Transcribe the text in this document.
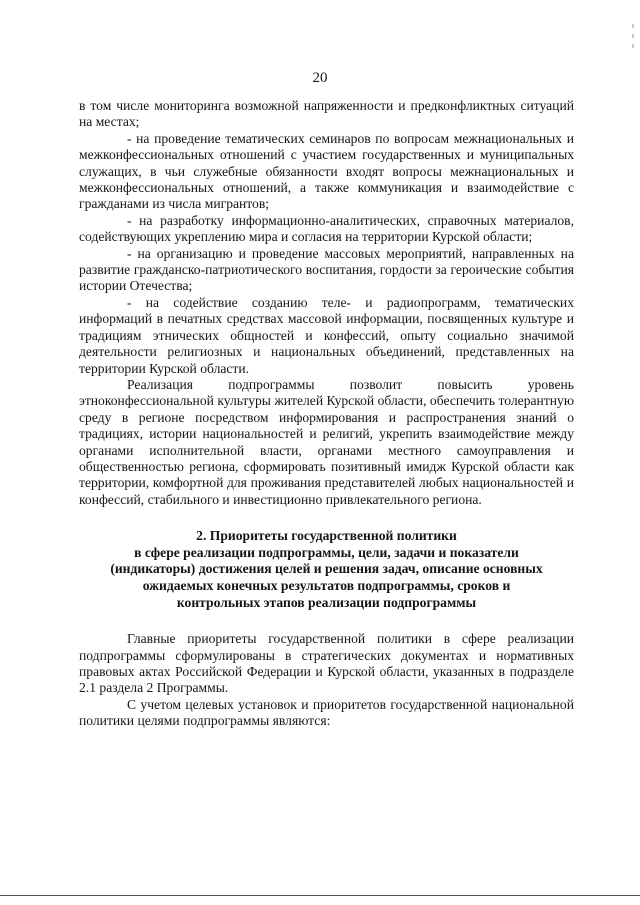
20

в том числе мониторинга возможной напряженности и предконфликтных ситуаций на местах;

- на проведение тематических семинаров по вопросам межнациональных и межконфессиональных отношений с участием государственных и муниципальных служащих, в чьи служебные обязанности входят вопросы межнациональных и межконфессиональных отношений, а также коммуникация и взаимодействие с гражданами из числа мигрантов;

- на разработку информационно-аналитических, справочных материалов, содействующих укреплению мира и согласия на территории Курской области;

- на организацию и проведение массовых мероприятий, направленных на развитие гражданско-патриотического воспитания, гордости за героические события истории Отечества;

- на содействие созданию теле- и радиопрограмм, тематических информаций в печатных средствах массовой информации, посвященных культуре и традициям этнических общностей и конфессий, опыту социально значимой деятельности религиозных и национальных объединений, представленных на территории Курской области.

Реализация подпрограммы позволит повысить уровень этноконфессиональной культуры жителей Курской области, обеспечить толерантную среду в регионе посредством информирования и распространения знаний о традициях, истории национальностей и религий, укрепить взаимодействие между органами исполнительной власти, органами местного самоуправления и общественностью региона, сформировать позитивный имидж Курской области как территории, комфортной для проживания представителей любых национальностей и конфессий, стабильного и инвестиционно привлекательного региона.

2. Приоритеты государственной политики
в сфере реализации подпрограммы, цели, задачи и показатели
(индикаторы) достижения целей и решения задач, описание основных
ожидаемых конечных результатов подпрограммы, сроков и
контрольных этапов реализации подпрограммы

Главные приоритеты государственной политики в сфере реализации подпрограммы сформулированы в стратегических документах и нормативных правовых актах Российской Федерации и Курской области, указанных в подразделе 2.1 раздела 2 Программы.

С учетом целевых установок и приоритетов государственной национальной политики целями подпрограммы являются:
